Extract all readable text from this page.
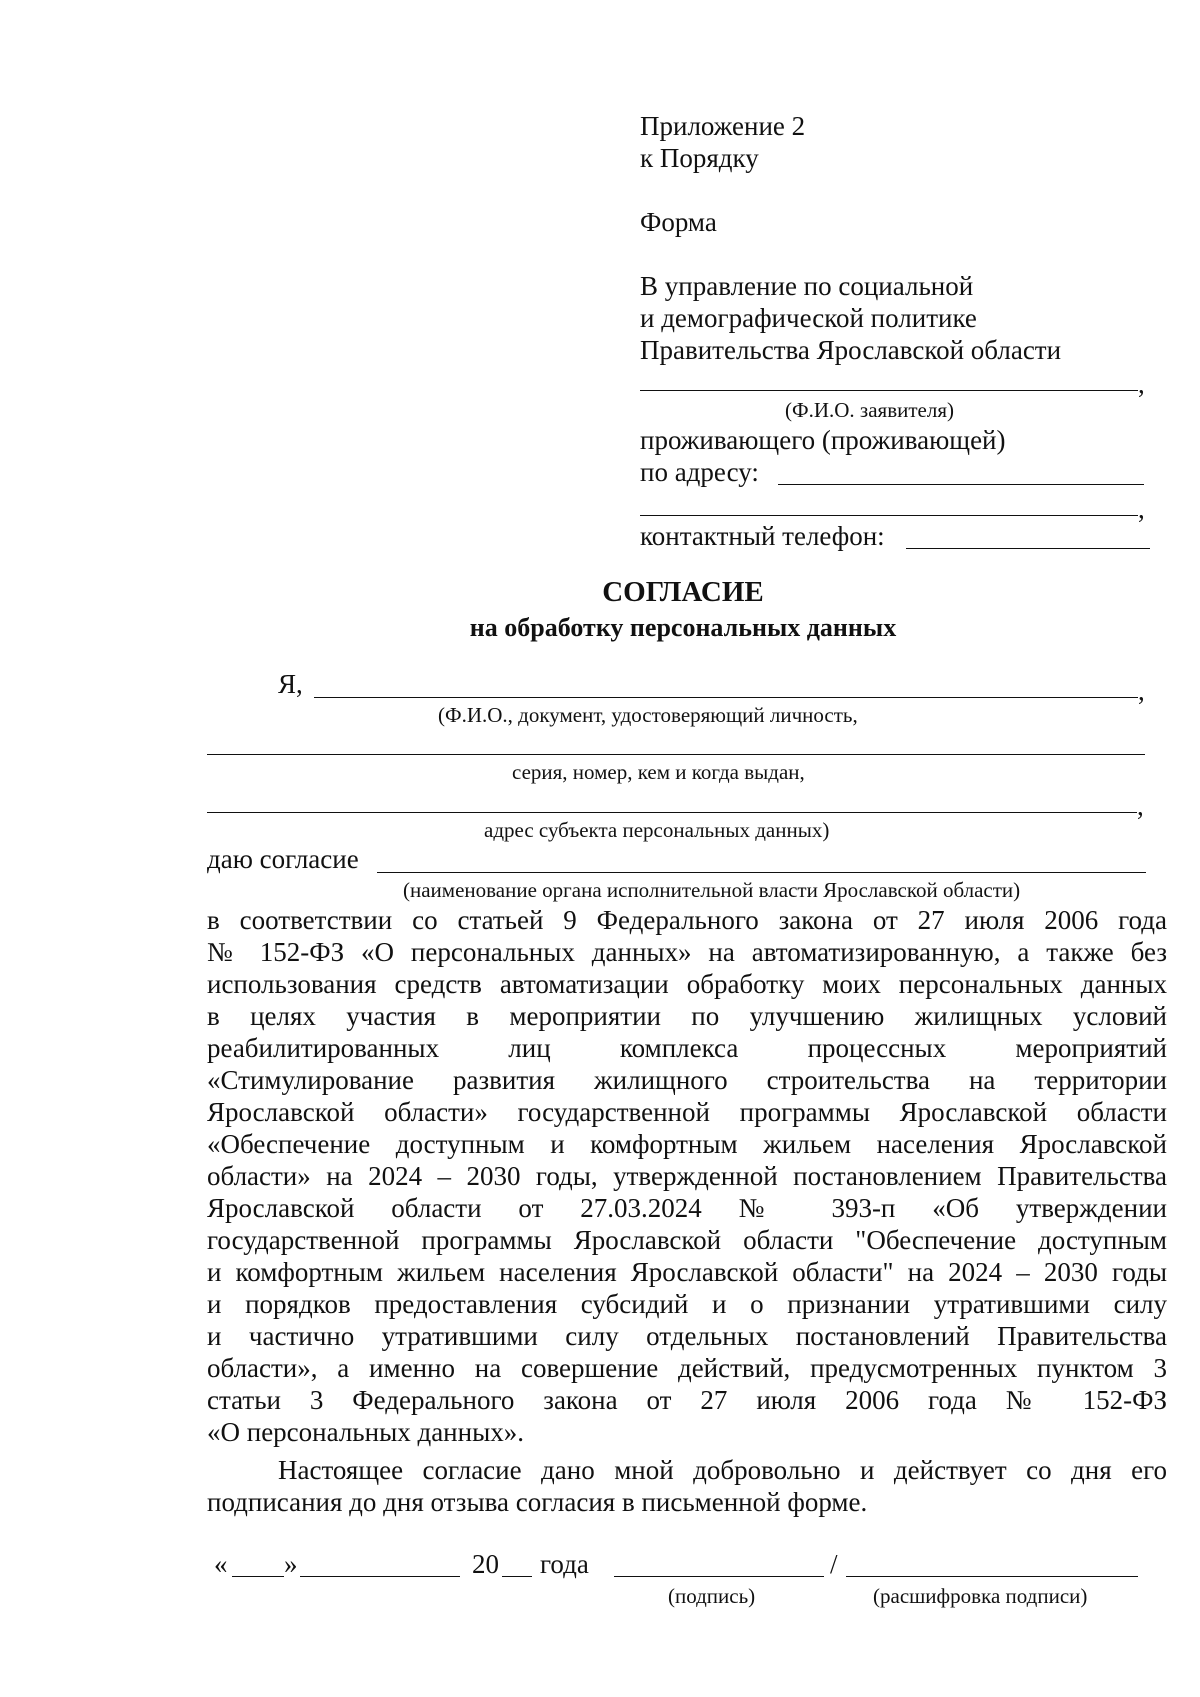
Приложение 2
к Порядку
Форма
В управление по социальной
и демографической политике
Правительства Ярославской области
,
(Ф.И.О. заявителя)
проживающего (проживающей)
по адресу:
,
контактный телефон:
СОГЛАСИЕ
на обработку персональных данных
Я,	,
(Ф.И.О., документ, удостоверяющий личность,
серия, номер, кем и когда выдан,
,
адрес субъекта персональных данных)
даю согласие
(наименование органа исполнительной власти Ярославской области)
в соответствии со статьей 9 Федерального закона от 27 июля 2006 года
№ 152-ФЗ «О персональных данных» на автоматизированную, а также без
использования средств автоматизации обработку моих персональных данных
в целях участия в мероприятии по улучшению жилищных условий
реабилитированных лиц комплекса процессных мероприятий
«Стимулирование развития жилищного строительства на территории
Ярославской области» государственной программы Ярославской области
«Обеспечение доступным и комфортным жильем населения Ярославской
области» на 2024 – 2030 годы, утвержденной постановлением Правительства
Ярославской области от 27.03.2024 № 393-п «Об утверждении
государственной программы Ярославской области "Обеспечение доступным
и комфортным жильем населения Ярославской области" на 2024 – 2030 годы
и порядков предоставления субсидий и о признании утратившими силу
и частично утратившими силу отдельных постановлений Правительства
области», а именно на совершение действий, предусмотренных пунктом 3
статьи 3 Федерального закона от 27 июля 2006 года № 152-ФЗ
«О персональных данных».
Настоящее согласие дано мной добровольно и действует со дня его
подписания до дня отзыва согласия в письменной форме.
« »	20 года	/
(подпись)	(расшифровка подписи)
